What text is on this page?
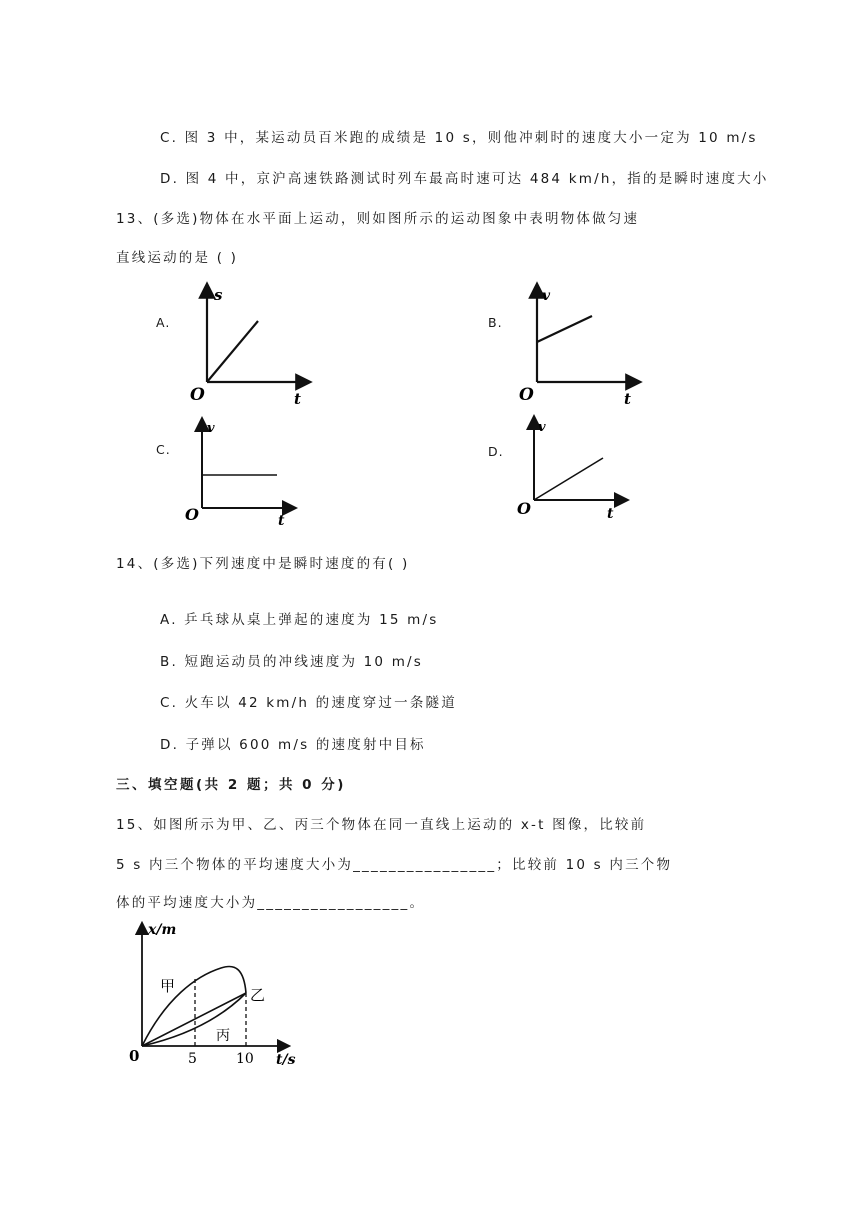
C. 图 3 中，某运动员百米跑的成绩是 10 s，则他冲刺时的速度大小一定为 10 m/s
D. 图 4 中，京沪高速铁路测试时列车最高时速可达 484 km/h，指的是瞬时速度大小
13、(多选)物体在水平面上运动，则如图所示的运动图象中表明物体做匀速
直线运动的是 ( )
A.
s
t
O
B.
v
t
O
C.
v
t
O
D.
v
t
O
14、(多选)下列速度中是瞬时速度的有( )
A. 乒乓球从桌上弹起的速度为 15 m/s
B. 短跑运动员的冲线速度为 10 m/s
C. 火车以 42 km/h 的速度穿过一条隧道
D. 子弹以 600 m/s 的速度射中目标
三、填空题(共 2 题；共 0 分)
15、如图所示为甲、乙、丙三个物体在同一直线上运动的 x-t 图像，比较前
5 s 内三个物体的平均速度大小为________________；比较前 10 s 内三个物
体的平均速度大小为_________________。
x/m
t/s
0	5	10
甲	乙
丙
